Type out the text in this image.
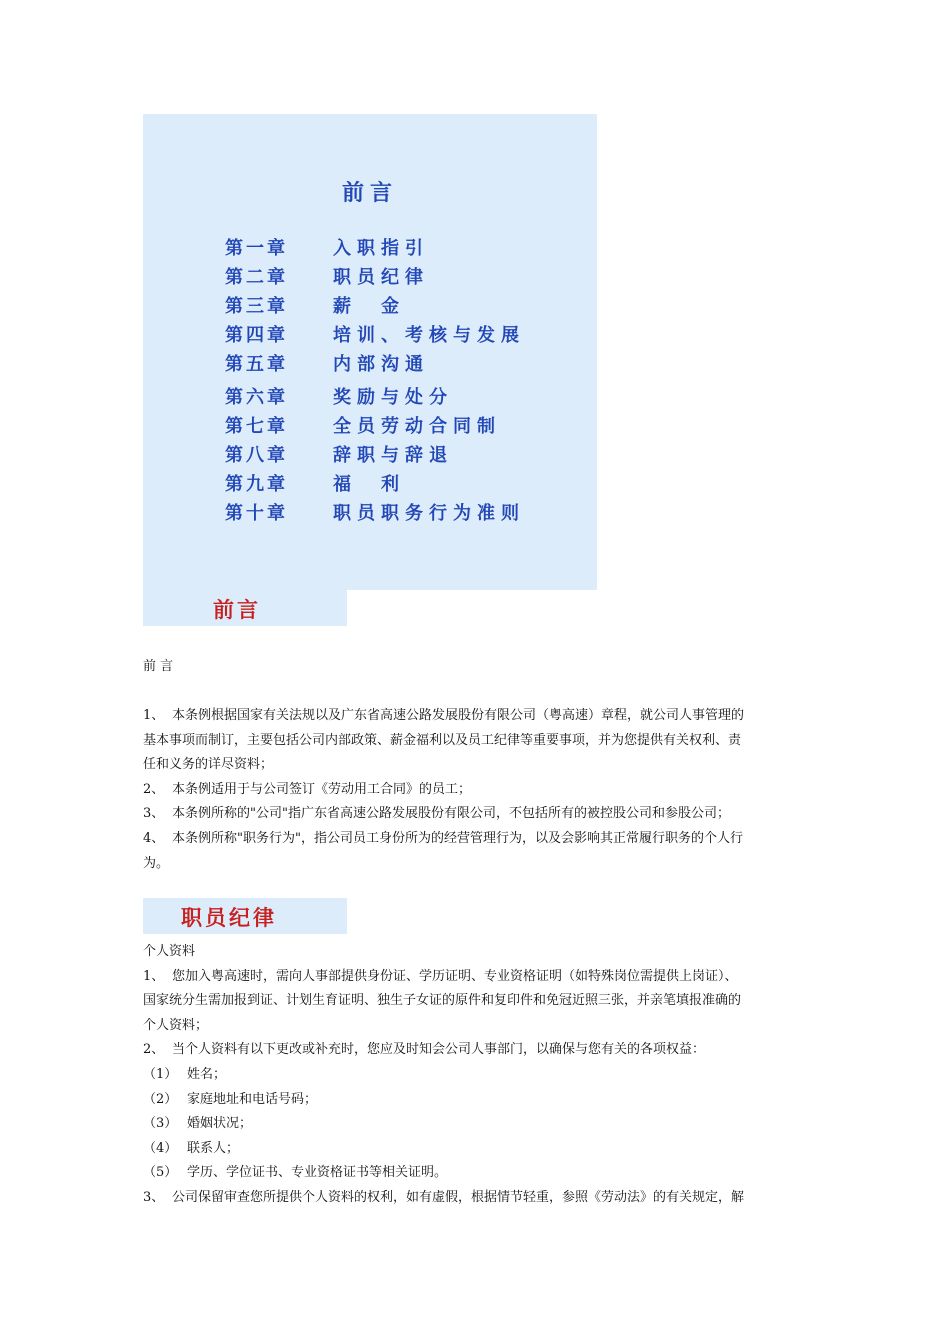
前言
第一章	入职指引
第二章	职员纪律
第三章	薪　金
第四章	培训、考核与发展
第五章	内部沟通
第六章	奖励与处分
第七章	全员劳动合同制
第八章	辞职与辞退
第九章	福　利
第十章	职员职务行为准则
前言

前 言

1、 本条例根据国家有关法规以及广东省高速公路发展股份有限公司（粤高速）章程，就公司人事管理的

基本事项而制订，主要包括公司内部政策、薪金福利以及员工纪律等重要事项，并为您提供有关权利、责

任和义务的详尽资料；

2、 本条例适用于与公司签订《劳动用工合同》的员工；

3、 本条例所称的"公司"指广东省高速公路发展股份有限公司，不包括所有的被控股公司和参股公司；

4、 本条例所称"职务行为"，指公司员工身份所为的经营管理行为，以及会影响其正常履行职务的个人行

为。

职员纪律

个人资料

1、 您加入粤高速时，需向人事部提供身份证、学历证明、专业资格证明（如特殊岗位需提供上岗证）、

国家统分生需加报到证、计划生育证明、独生子女证的原件和复印件和免冠近照三张，并亲笔填报准确的

个人资料；

2、 当个人资料有以下更改或补充时，您应及时知会公司人事部门，以确保与您有关的各项权益：

（1） 姓名；

（2） 家庭地址和电话号码；

（3） 婚姻状况；

（4） 联系人；

（5） 学历、学位证书、专业资格证书等相关证明。

3、 公司保留审查您所提供个人资料的权利，如有虚假，根据情节轻重，参照《劳动法》的有关规定，解
